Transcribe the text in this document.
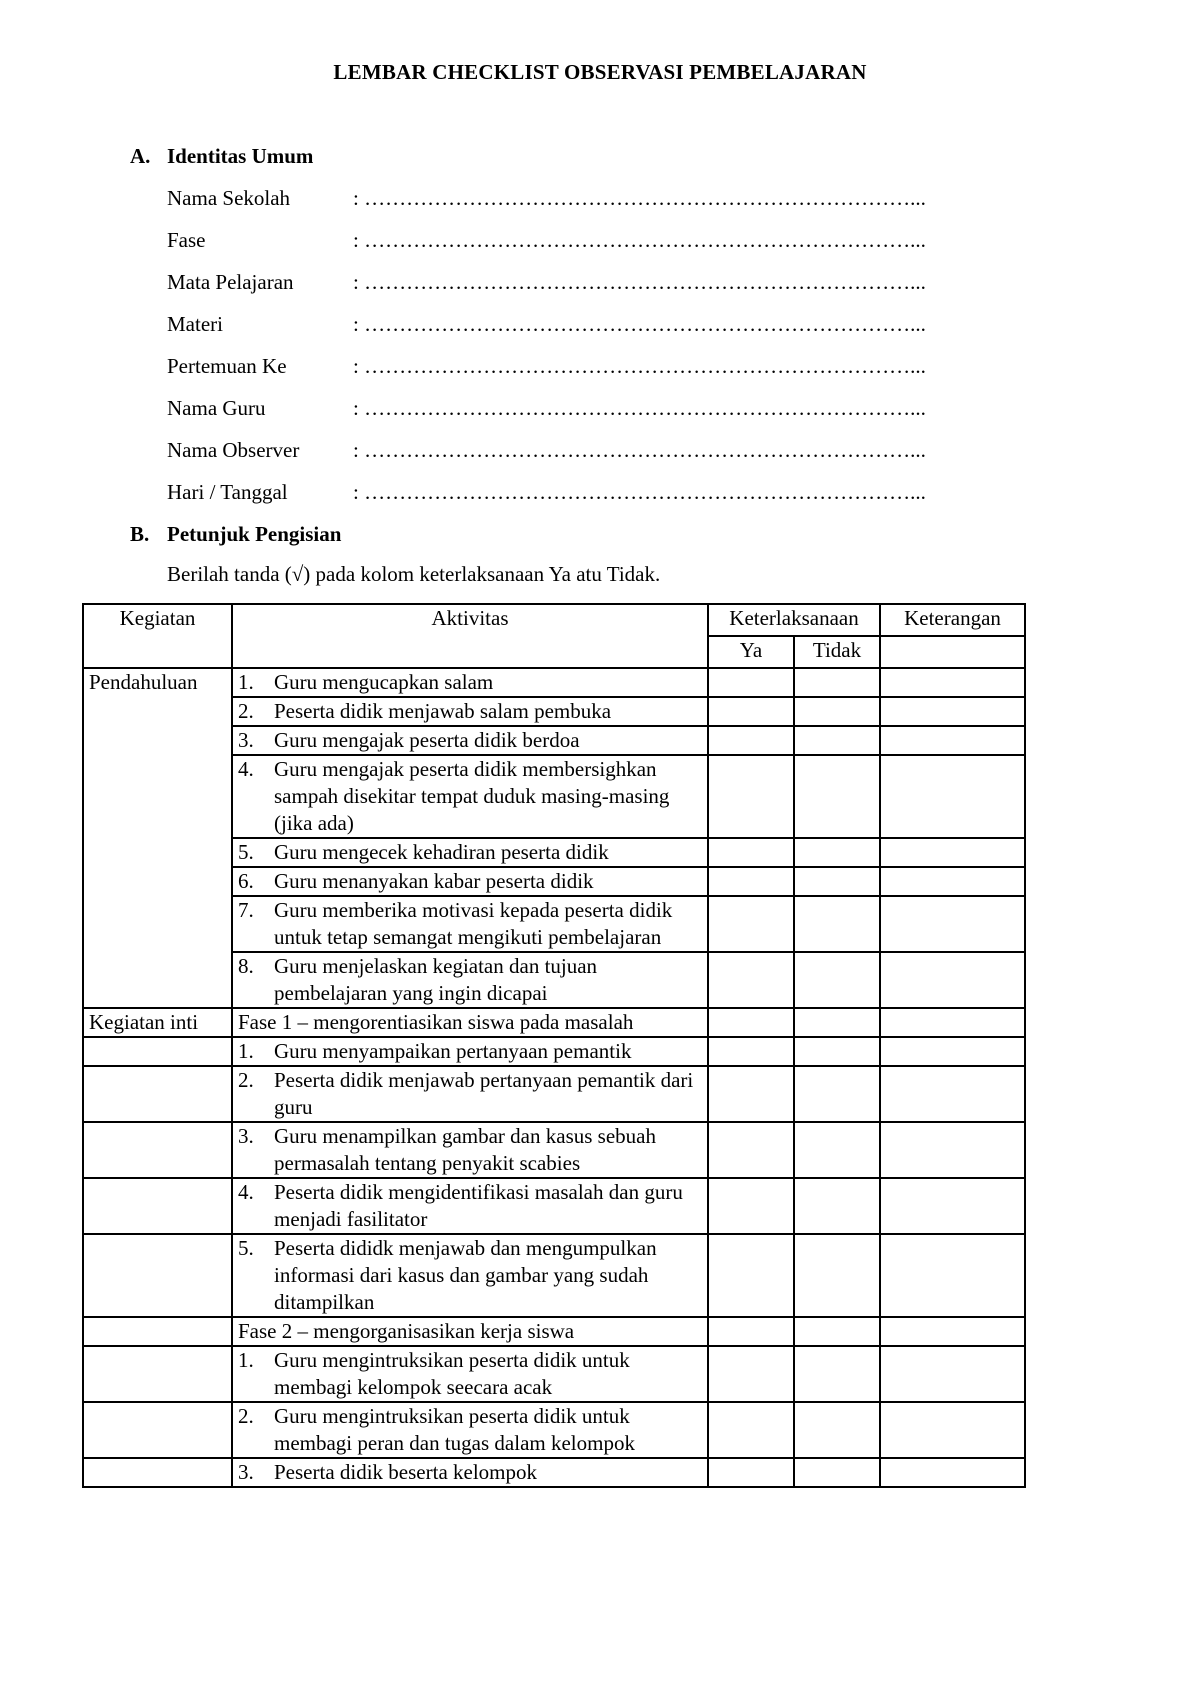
LEMBAR CHECKLIST OBSERVASI PEMBELAJARAN
A. Identitas Umum
Nama Sekolah	: ……………………………………………………………………...
Fase	: ……………………………………………………………………...
Mata Pelajaran	: ……………………………………………………………………...
Materi	: ……………………………………………………………………...
Pertemuan Ke	: ……………………………………………………………………...
Nama Guru	: ……………………………………………………………………...
Nama Observer	: ……………………………………………………………………...
Hari / Tanggal	: ……………………………………………………………………...
B. Petunjuk Pengisian
Berilah tanda (√) pada kolom keterlaksanaan Ya atu Tidak.
Kegiatan	Aktivitas	Keterlaksanaan		Keterangan
		Ya	Tidak	
Pendahuluan	1. Guru mengucapkan salam			

	2. Peserta didik menjawab salam pembuka			

	3. Guru mengajak peserta didik berdoa			

	4. Guru mengajak peserta didik membersighkan sampah disekitar tempat duduk masing-masing (jika ada)			

	5. Guru mengecek kehadiran peserta didik			

	6. Guru menanyakan kabar peserta didik			

	7. Guru memberika motivasi kepada peserta didik untuk tetap semangat mengikuti pembelajaran			

	8. Guru menjelaskan kegiatan dan tujuan pembelajaran yang ingin dicapai			

Kegiatan inti	Fase 1 – mengorentiasikan siswa pada masalah			

	1. Guru menyampaikan pertanyaan pemantik			

	2. Peserta didik menjawab pertanyaan pemantik dari guru			

	3. Guru menampilkan gambar dan kasus sebuah permasalah tentang penyakit scabies			

	4. Peserta didik mengidentifikasi masalah dan guru menjadi fasilitator			

	5. Peserta dididk menjawab dan mengumpulkan informasi dari kasus dan gambar yang sudah ditampilkan			

	Fase 2 – mengorganisasikan kerja siswa			

	1. Guru mengintruksikan peserta didik untuk membagi kelompok seecara acak			

	2. Guru mengintruksikan peserta didik untuk membagi peran dan tugas dalam kelompok			

	3. Peserta didik beserta kelompok			
